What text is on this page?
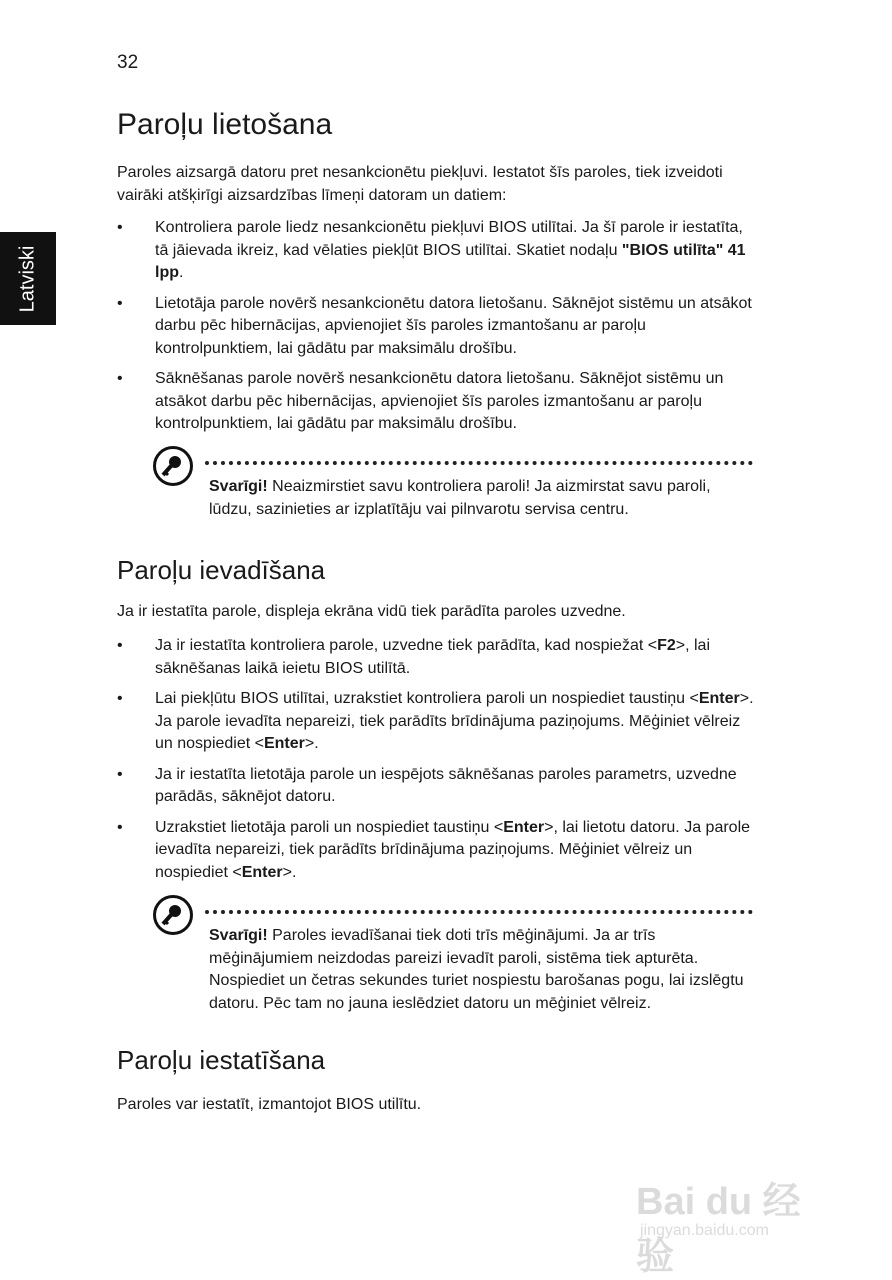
32
Latviski
Paroļu lietošana

Paroles aizsargā datoru pret nesankcionētu piekļuvi. Iestatot šīs paroles, tiek izveidoti vairāki atšķirīgi aizsardzības līmeņi datoram un datiem:

• Kontroliera parole liedz nesankcionētu piekļuvi BIOS utilītai. Ja šī parole ir iestatīta, tā jāievada ikreiz, kad vēlaties piekļūt BIOS utilītai. Skatiet nodaļu "BIOS utilīta" 41 lpp.
• Lietotāja parole novērš nesankcionētu datora lietošanu. Sāknējot sistēmu un atsākot darbu pēc hibernācijas, apvienojiet šīs paroles izmantošanu ar paroļu kontrolpunktiem, lai gādātu par maksimālu drošību.
• Sāknēšanas parole novērš nesankcionētu datora lietošanu. Sāknējot sistēmu un atsākot darbu pēc hibernācijas, apvienojiet šīs paroles izmantošanu ar paroļu kontrolpunktiem, lai gādātu par maksimālu drošību.

Svarīgi! Neaizmirstiet savu kontroliera paroli! Ja aizmirstat savu paroli, lūdzu, sazinieties ar izplatītāju vai pilnvarotu servisa centru.

Paroļu ievadīšana

Ja ir iestatīta parole, displeja ekrāna vidū tiek parādīta paroles uzvedne.

• Ja ir iestatīta kontroliera parole, uzvedne tiek parādīta, kad nospiežat <F2>, lai sāknēšanas laikā ieietu BIOS utilītā.
• Lai piekļūtu BIOS utilītai, uzrakstiet kontroliera paroli un nospiediet taustiņu <Enter>. Ja parole ievadīta nepareizi, tiek parādīts brīdinājuma paziņojums. Mēģiniet vēlreiz un nospiediet <Enter>.
• Ja ir iestatīta lietotāja parole un iespējots sāknēšanas paroles parametrs, uzvedne parādās, sāknējot datoru.
• Uzrakstiet lietotāja paroli un nospiediet taustiņu <Enter>, lai lietotu datoru. Ja parole ievadīta nepareizi, tiek parādīts brīdinājuma paziņojums. Mēģiniet vēlreiz un nospiediet <Enter>.

Svarīgi! Paroles ievadīšanai tiek doti trīs mēģinājumi. Ja ar trīs mēģinājumiem neizdodas pareizi ievadīt paroli, sistēma tiek apturēta. Nospiediet un četras sekundes turiet nospiestu barošanas pogu, lai izslēgtu datoru. Pēc tam no jauna ieslēdziet datoru un mēģiniet vēlreiz.

Paroļu iestatīšana

Paroles var iestatīt, izmantojot BIOS utilītu.

Bai du 经验
jingyan.baidu.com
